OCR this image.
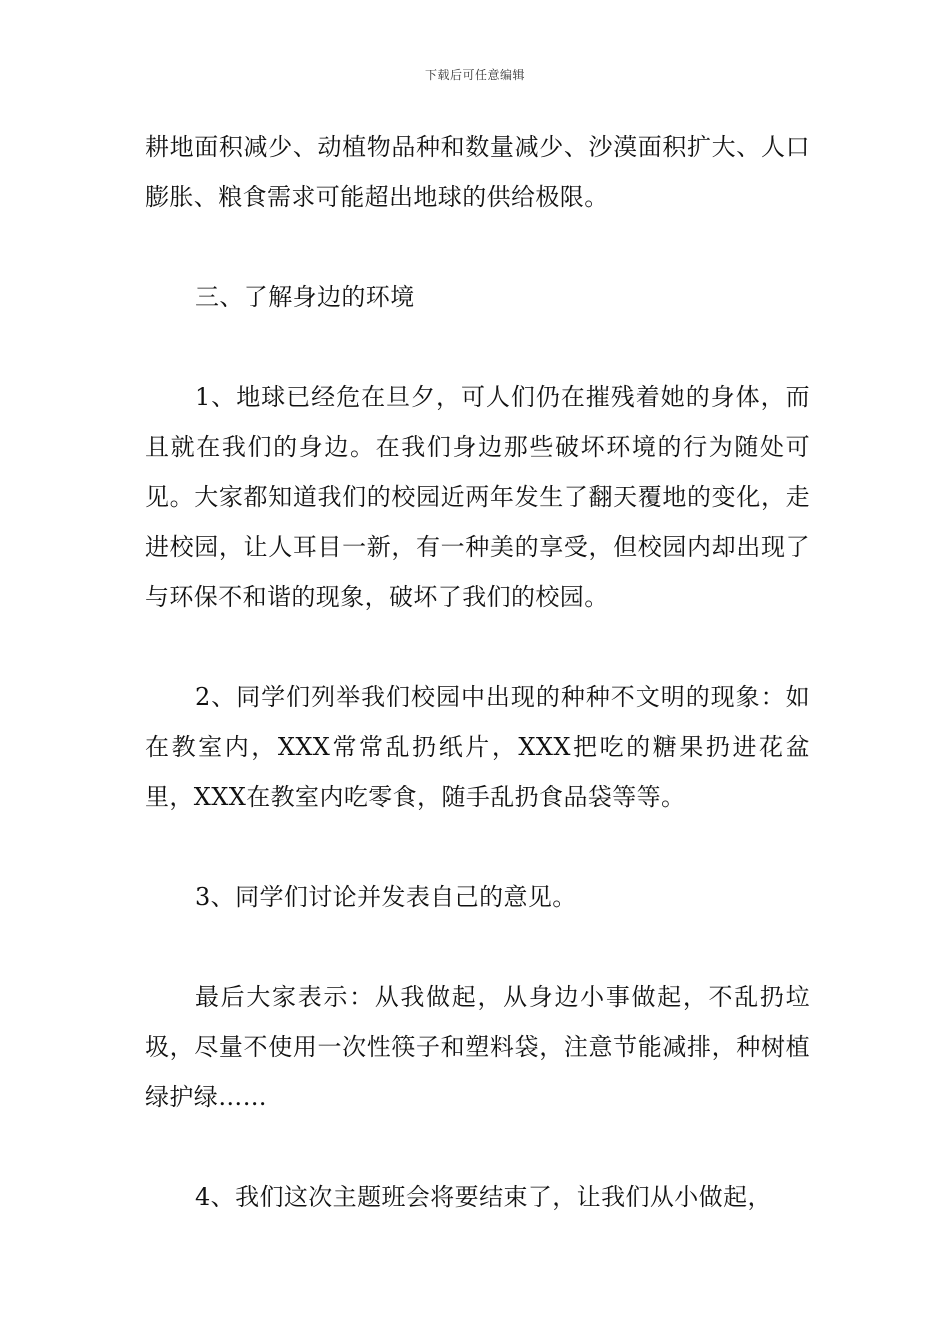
下载后可任意编辑

耕地面积减少、动植物品种和数量减少、沙漠面积扩大、人口膨胀、粮食需求可能超出地球的供给极限。

三、了解身边的环境

1、地球已经危在旦夕，可人们仍在摧残着她的身体，而且就在我们的身边。在我们身边那些破坏环境的行为随处可见。大家都知道我们的校园近两年发生了翻天覆地的变化，走进校园，让人耳目一新，有一种美的享受，但校园内却出现了与环保不和谐的现象，破坏了我们的校园。

2、同学们列举我们校园中出现的种种不文明的现象：如在教室内，XXX常常乱扔纸片，XXX把吃的糖果扔进花盆里，XXX在教室内吃零食，随手乱扔食品袋等等。

3、同学们讨论并发表自己的意见。

最后大家表示：从我做起，从身边小事做起，不乱扔垃圾，尽量不使用一次性筷子和塑料袋，注意节能减排，种树植绿护绿……

4、我们这次主题班会将要结束了，让我们从小做起，
